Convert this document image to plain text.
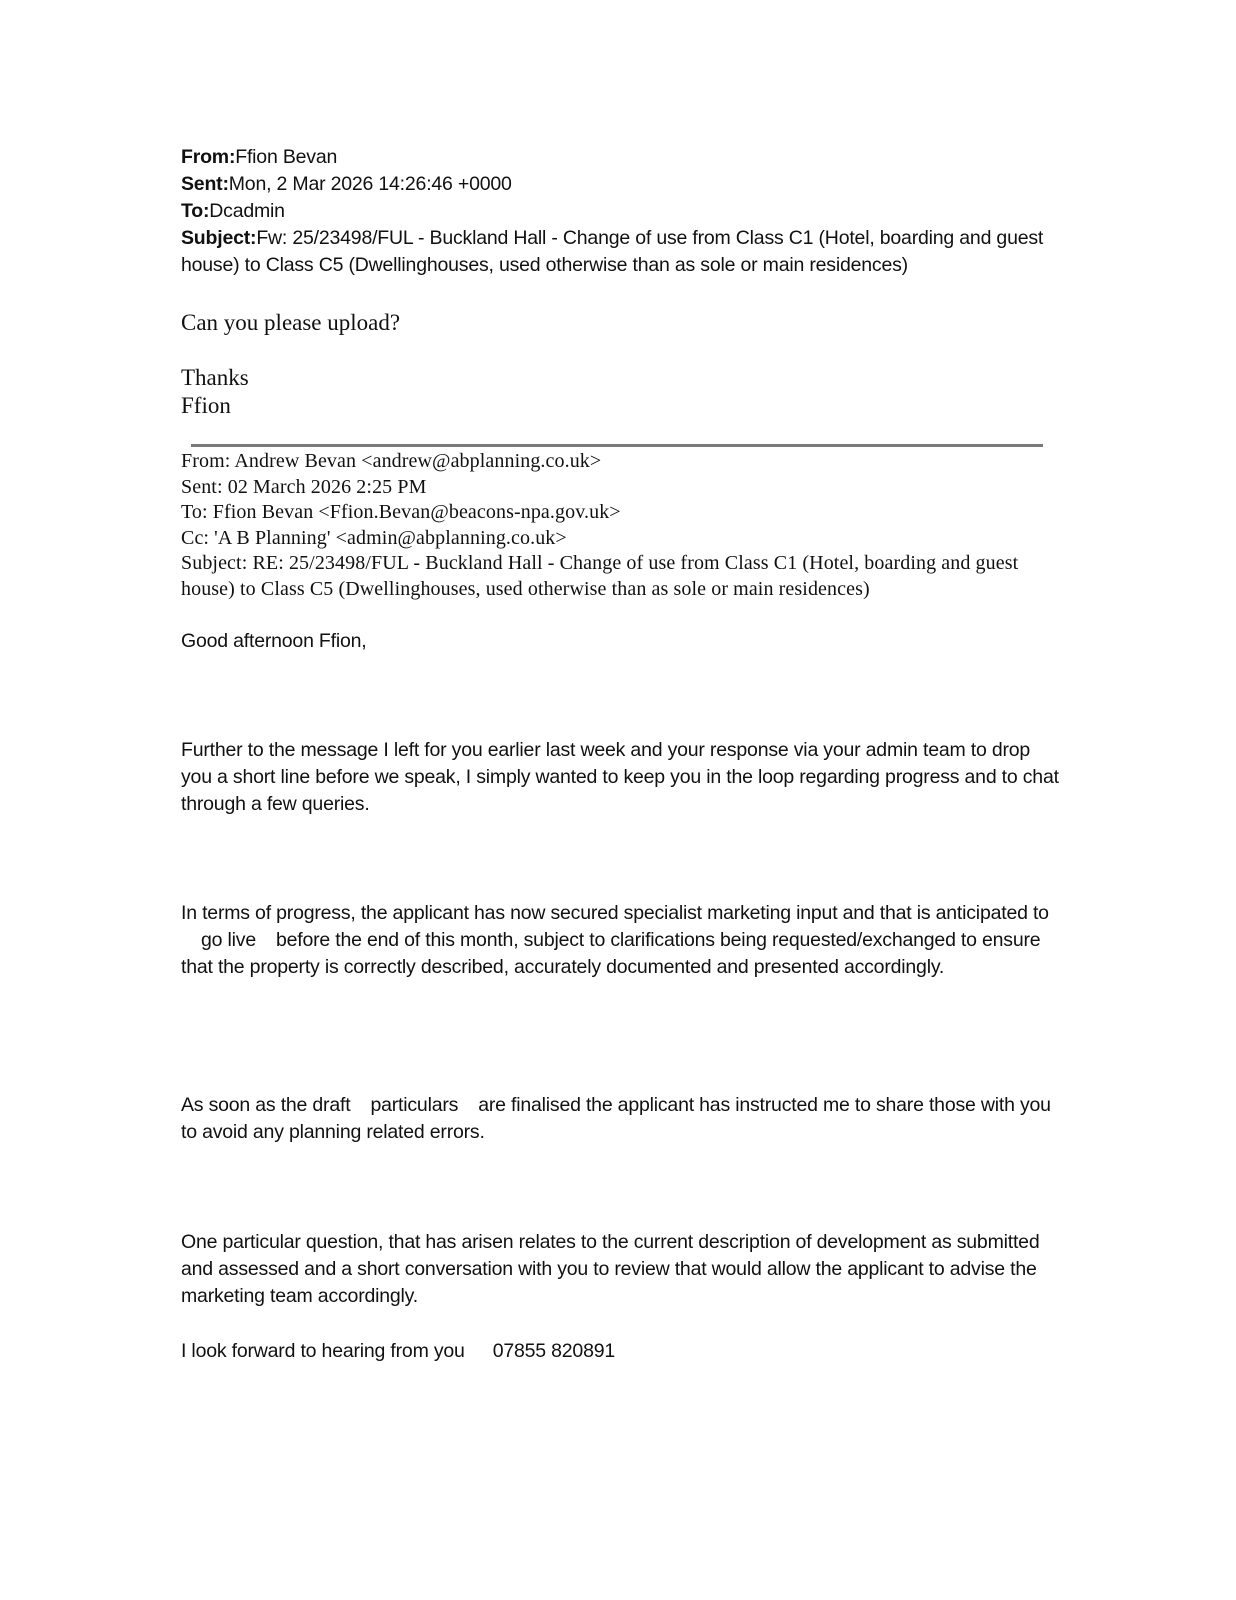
From:Ffion Bevan
Sent:Mon, 2 Mar 2026 14:26:46 +0000
To:Dcadmin
Subject:Fw: 25/23498/FUL - Buckland Hall - Change of use from Class C1 (Hotel, boarding and guest house) to Class C5 (Dwellinghouses, used otherwise than as sole or main residences)
Can you please upload?
Thanks
Ffion
From: Andrew Bevan <andrew@abplanning.co.uk>
Sent: 02 March 2026 2:25 PM
To: Ffion Bevan <Ffion.Bevan@beacons-npa.gov.uk>
Cc: 'A B Planning' <admin@abplanning.co.uk>
Subject: RE: 25/23498/FUL - Buckland Hall - Change of use from Class C1 (Hotel, boarding and guest house) to Class C5 (Dwellinghouses, used otherwise than as sole or main residences)
Good afternoon Ffion,
Further to the message I left for you earlier last week and your response via your admin team to drop you a short line before we speak, I simply wanted to keep you in the loop regarding progress and to chat through a few queries.
In terms of progress, the applicant has now secured specialist marketing input and that is anticipated togo live before the end of this month, subject to clarifications being requested/exchanged to ensure that the property is correctly described, accurately documented and presented accordingly.
As soon as the draft particulars are finalised the applicant has instructed me to share those with you to avoid any planning related errors.
One particular question, that has arisen relates to the current description of development as submitted and assessed and a short conversation with you to review that would allow the applicant to advise the marketing team accordingly.
I look forward to hearing from you 07855 820891
